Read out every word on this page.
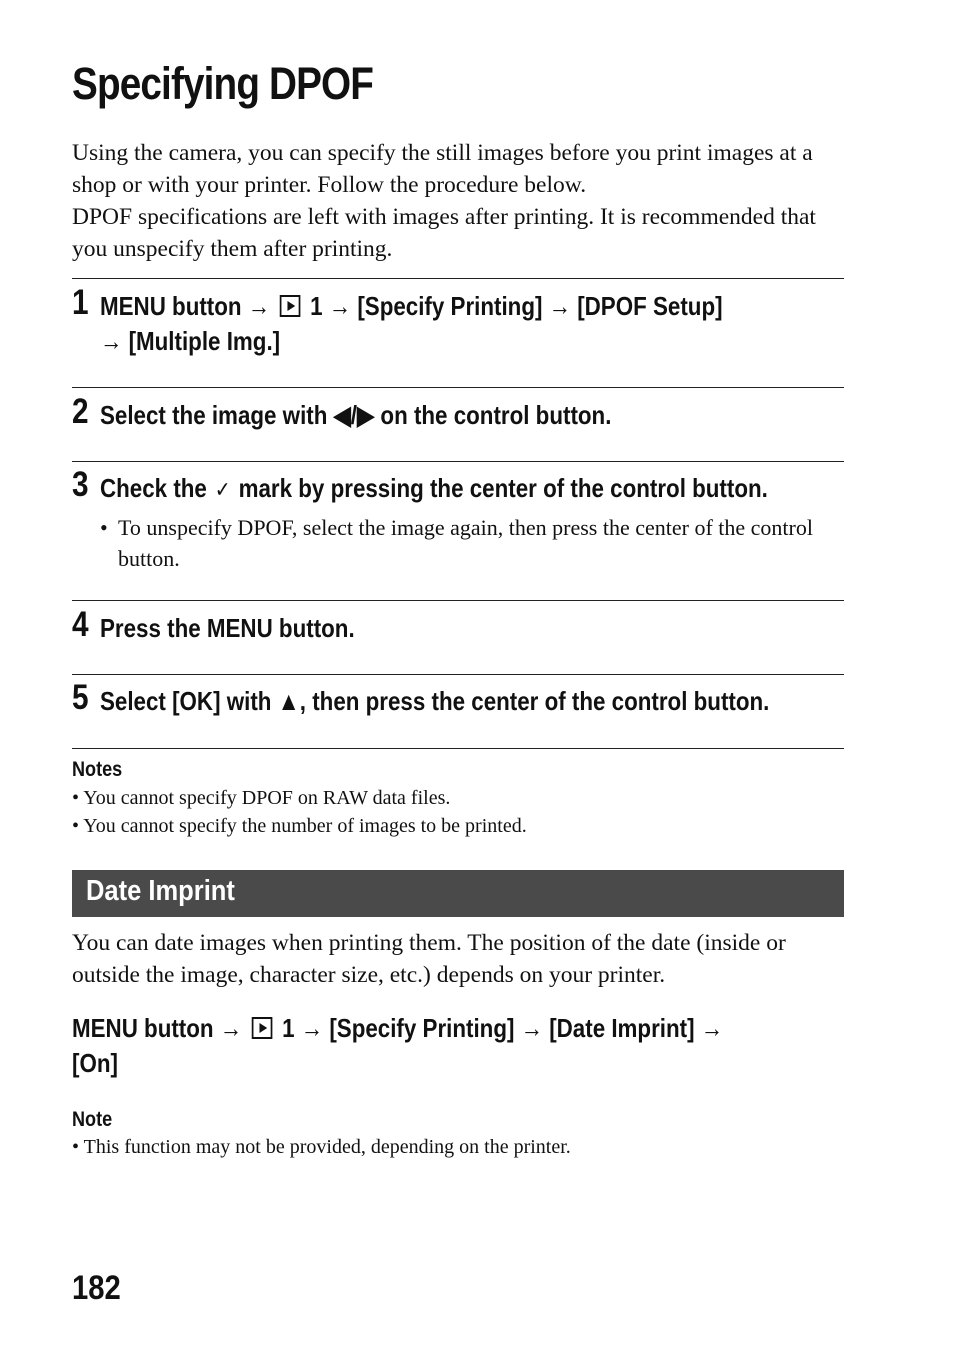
Specifying DPOF

Using the camera, you can specify the still images before you print images at a shop or with your printer. Follow the procedure below.

DPOF specifications are left with images after printing. It is recommended that you unspecify them after printing.

1 MENU button → 1 → [Specify Printing] → [DPOF Setup]
→ [Multiple Img.]
2 Select the image with ◀/▶ on the control button.
3 Check the ✓ mark by pressing the center of the control button.
• To unspecify DPOF, select the image again, then press the center of the control button.
4 Press the MENU button.
5 Select [OK] with ▲, then press the center of the control button.
Notes
• You cannot specify DPOF on RAW data files.
• You cannot specify the number of images to be printed.
Date Imprint
You can date images when printing them. The position of the date (inside or outside the image, character size, etc.) depends on your printer.
MENU button → 1 → [Specify Printing] → [Date Imprint] →
[On]
Note
• This function may not be provided, depending on the printer.
182
